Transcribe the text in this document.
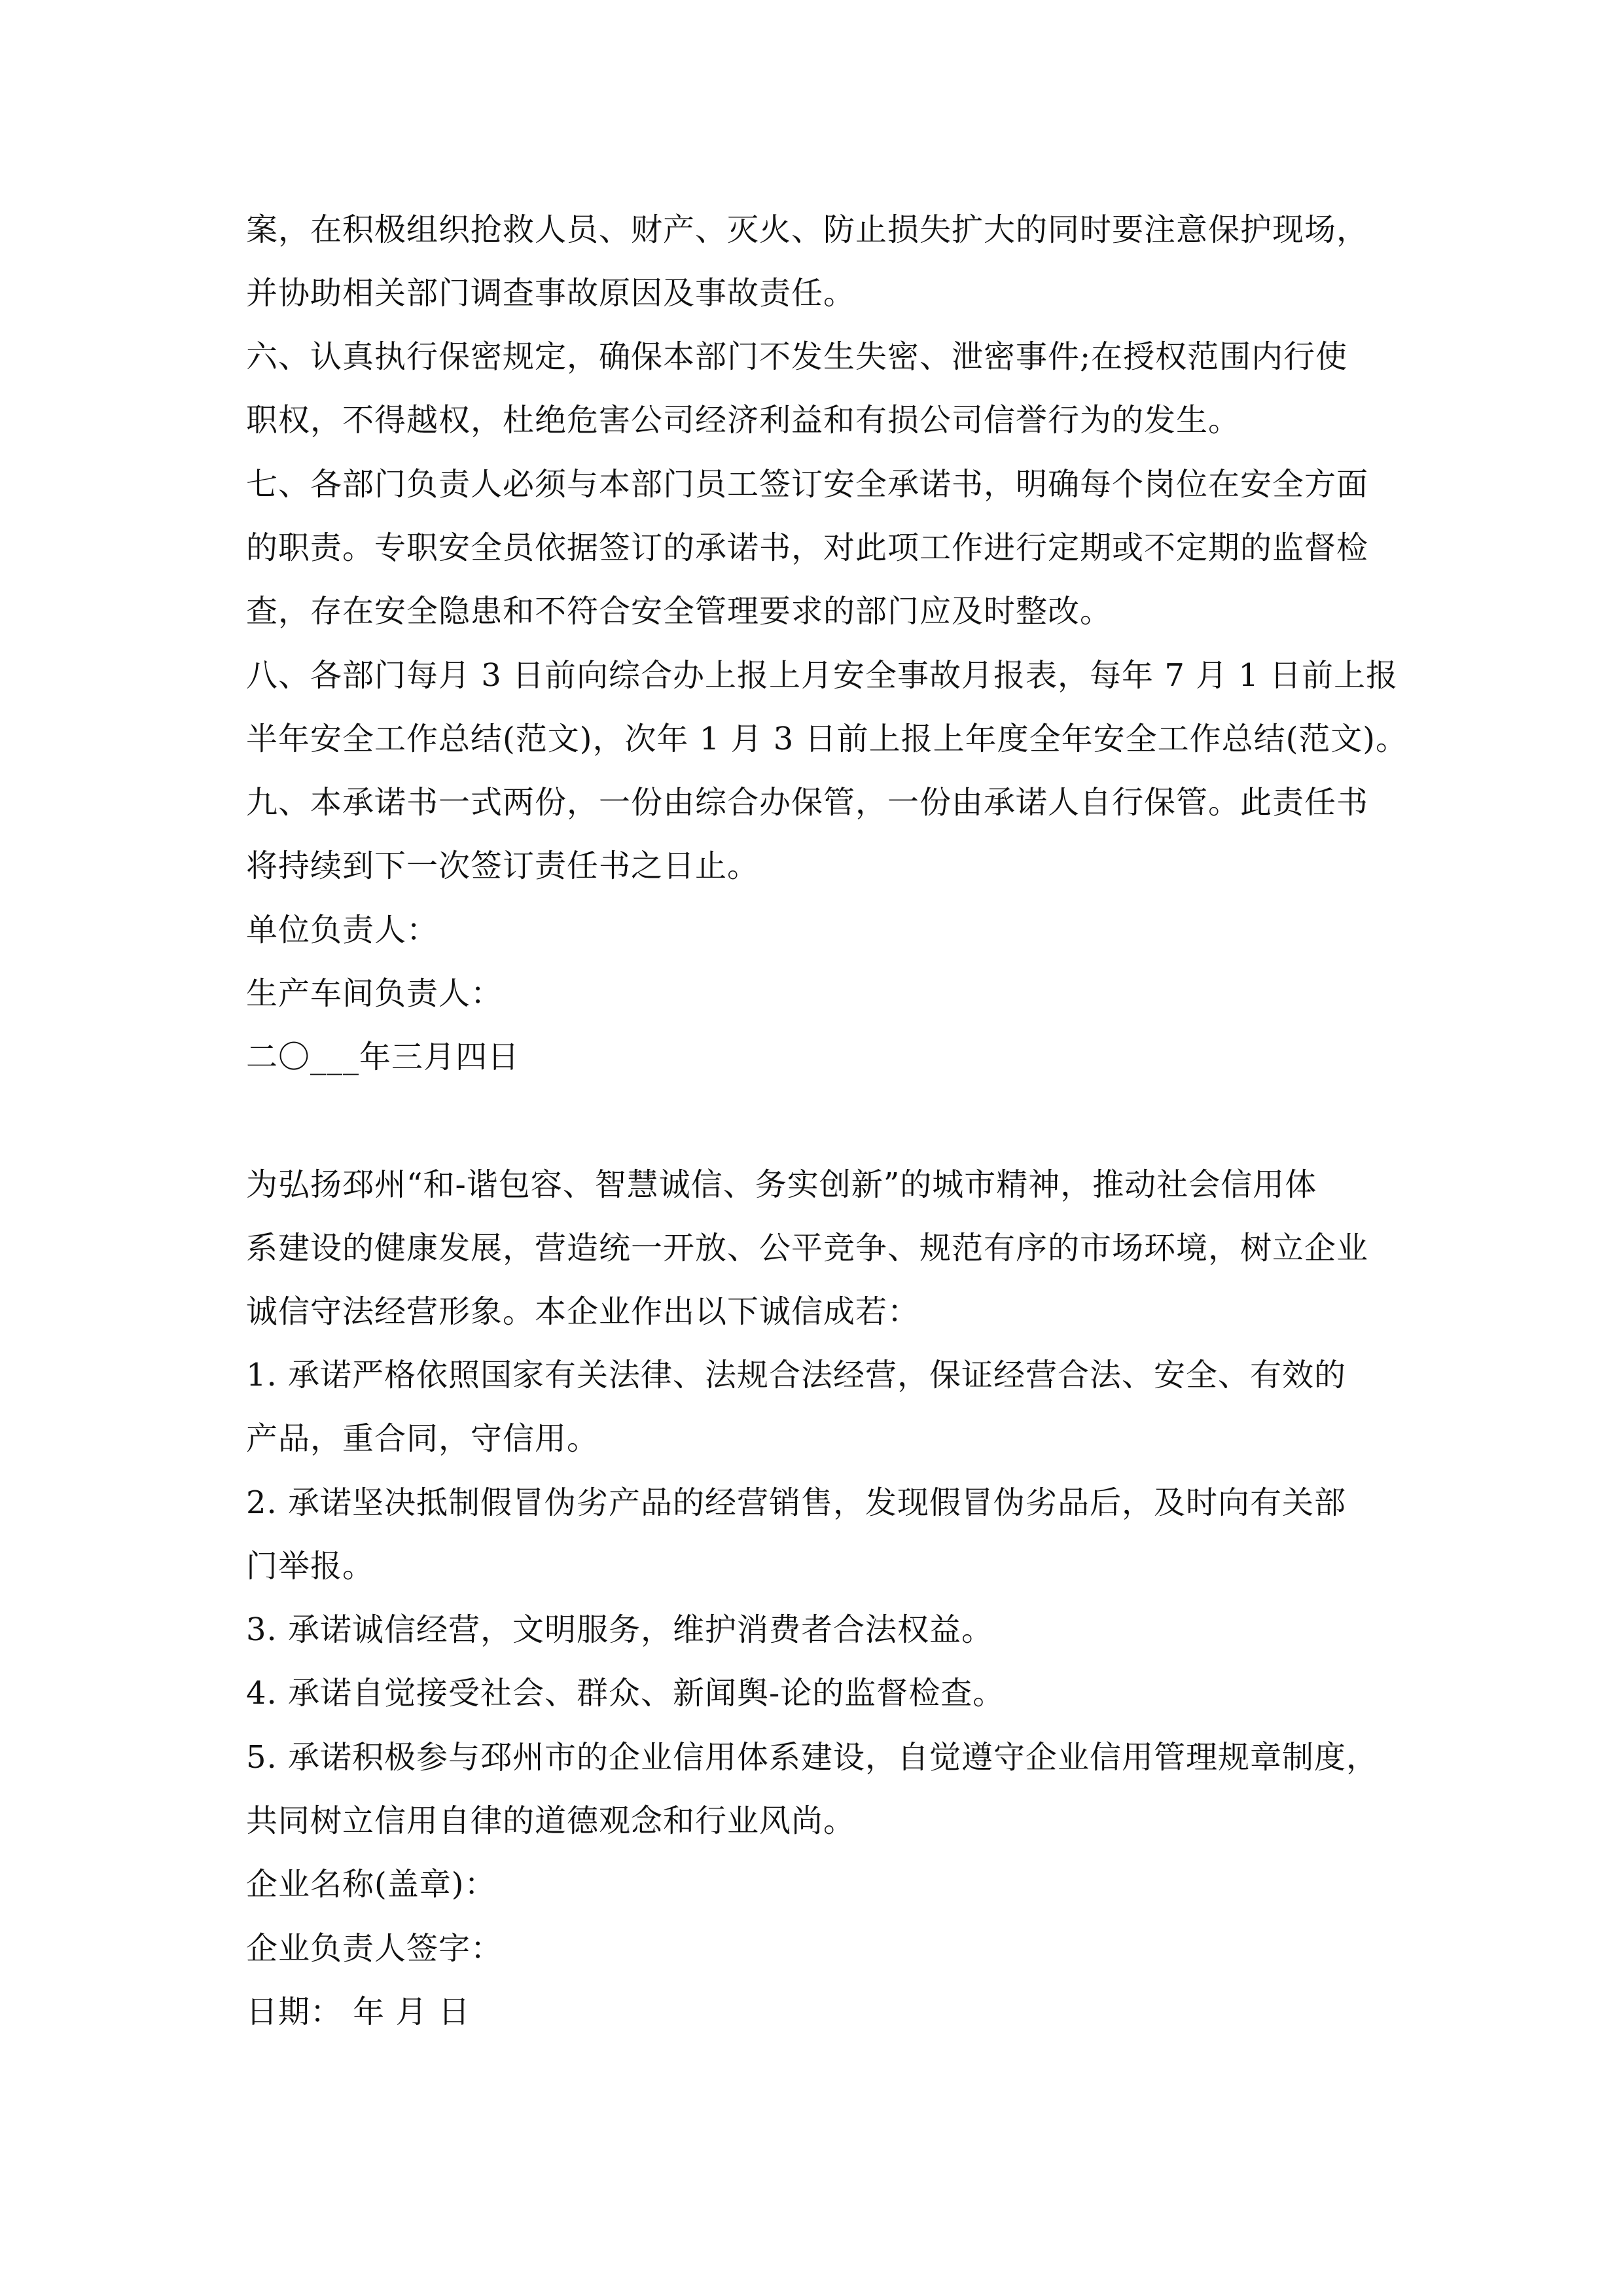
案，在积极组织抢救人员、财产、灭火、防止损失扩大的同时要注意保护现场，
并协助相关部门调查事故原因及事故责任。
六、认真执行保密规定，确保本部门不发生失密、泄密事件;在授权范围内行使
职权，不得越权，杜绝危害公司经济利益和有损公司信誉行为的发生。
七、各部门负责人必须与本部门员工签订安全承诺书，明确每个岗位在安全方面
的职责。专职安全员依据签订的承诺书，对此项工作进行定期或不定期的监督检
查，存在安全隐患和不符合安全管理要求的部门应及时整改。
八、各部门每月 3 日前向综合办上报上月安全事故月报表，每年 7 月 1 日前上报
半年安全工作总结(范文)，次年 1 月 3 日前上报上年度全年安全工作总结(范文)。
九、本承诺书一式两份，一份由综合办保管，一份由承诺人自行保管。此责任书
将持续到下一次签订责任书之日止。
单位负责人：
生产车间负责人：
二〇___年三月四日
为弘扬邳州“和-谐包容、智慧诚信、务实创新”的城市精神，推动社会信用体
系建设的健康发展，营造统一开放、公平竞争、规范有序的市场环境，树立企业
诚信守法经营形象。本企业作出以下诚信成若：
1. 承诺严格依照国家有关法律、法规合法经营，保证经营合法、安全、有效的
产品，重合同，守信用。
2. 承诺坚决抵制假冒伪劣产品的经营销售，发现假冒伪劣品后，及时向有关部
门举报。
3. 承诺诚信经营，文明服务，维护消费者合法权益。
4. 承诺自觉接受社会、群众、新闻舆-论的监督检查。
5. 承诺积极参与邳州市的企业信用体系建设，自觉遵守企业信用管理规章制度，
共同树立信用自律的道德观念和行业风尚。
企业名称(盖章)：
企业负责人签字：
日期： 年 月 日
